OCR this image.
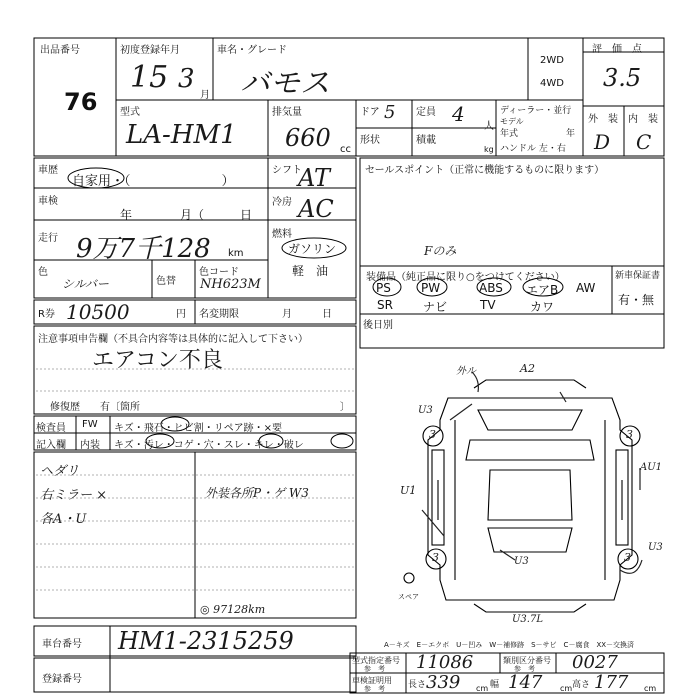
出品番号
76
初度登録年月
15 3
月
車名・グレード
バモス
2WD
4WD
評　価　点
3.5
型式
LA-HM1
排気量
660 cc
ドア 5 定員 4
人
形状	積載
kg
ディーラー・並行
モデル
年式	年
ハンドル 左・右
外　装 内　装
D C
車歴
自家用・（　　　　　　　）
車検
年　　　　月（　　　日
走行 9万7千128 km
色
シルバー	色替
色コード
NH623M
シフト
AT
冷房 AC
燃料
ガソリン
軽　油
R券 10500	円 名変期限	月　　　日
注意事項申告欄（不具合内容等は具体的に記入して下さい）
エアコン不良
修復歴　　有〔箇所	〕
検査員
記入欄
FW
内装
キズ・飛石・ヒビ割・リペア跡・×要
キズ・汚レ・コゲ・穴・スレ・キレ・破レ
ヘダリ
右ミラー ×
各A・U
外装各所P・ゲ W3
◎ 97128km
セールスポイント（正常に機能するものに限ります）
Fのみ
装備品（純正品に限り○をつけてください）	新車保証書
有・無
PS	PW	ABS エアB AW
SR	ナビ	TV	カワ
後日別
外ル	A2
U3
U1
AU1
U3
U3
U3.7L
スペア
3	3
3	3
車台番号 HM1-2315259
登録番号
A－キズ　E－エクボ　U－凹み　W－補修跡　S－サビ　C－腐食　XX－交換済
型式指定番号
参　考 11086	類別区分番号
参　考 0027
車検証明用
参　考	長さ 339 cm 幅 147 cm 高さ 177 cm
